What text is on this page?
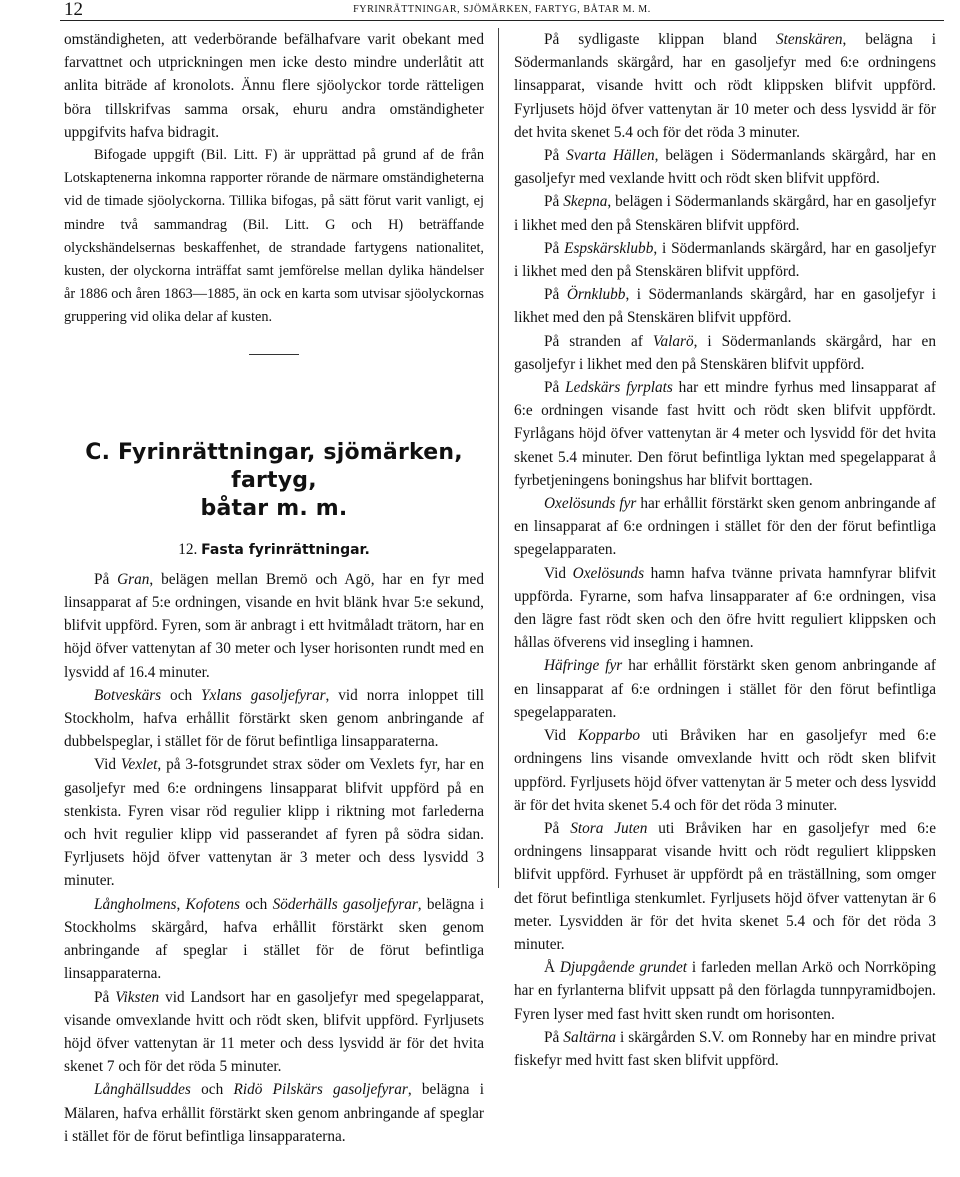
12	FYRINRÄTTNINGAR, SJÖMÄRKEN, FARTYG, BÅTAR M. M.

omständigheten, att vederbörande befälhafvare varit obekant med farvattnet och utprickningen men icke desto mindre underlåtit att anlita biträde af kronolots. Ännu flere sjöolyckor torde rätteligen böra tillskrifvas samma orsak, ehuru andra omständigheter uppgifvits hafva bidragit.

Bifogade uppgift (Bil. Litt. F) är upprättad på grund af de från Lotskaptenerna inkomna rapporter rörande de närmare omständigheterna vid de timade sjöolyckorna. Tillika bifogas, på sätt förut varit vanligt, ej mindre två sammandrag (Bil. Litt. G och H) beträffande olyckshändelsernas beskaffenhet, de strandade fartygens nationalitet, kusten, der olyckorna inträffat samt jemförelse mellan dylika händelser år 1886 och åren 1863—1885, än ock en karta som utvisar sjöolyckornas gruppering vid olika delar af kusten.

C. Fyrinrättningar, sjömärken, fartyg,
båtar m. m.
12. Fasta fyrinrättningar.

På Gran, belägen mellan Bremö och Agö, har en fyr med linsapparat af 5:e ordningen, visande en hvit blänk hvar 5:e sekund, blifvit uppförd. Fyren, som är anbragt i ett hvitmåladt trätorn, har en höjd öfver vattenytan af 30 meter och lyser horisonten rundt med en lysvidd af 16.4 minuter.

Botveskärs och Yxlans gasoljefyrar, vid norra inloppet till Stockholm, hafva erhållit förstärkt sken genom anbringande af dubbelspeglar, i stället för de förut befintliga linsapparaterna.

Vid Vexlet, på 3-fotsgrundet strax söder om Vexlets fyr, har en gasoljefyr med 6:e ordningens linsapparat blifvit uppförd på en stenkista. Fyren visar röd regulier klipp i riktning mot farlederna och hvit regulier klipp vid passerandet af fyren på södra sidan. Fyrljusets höjd öfver vattenytan är 3 meter och dess lysvidd 3 minuter.

Långholmens, Kofotens och Söderhälls gasoljefyrar, belägna i Stockholms skärgård, hafva erhållit förstärkt sken genom anbringande af speglar i stället för de förut befintliga linsapparaterna.

På Viksten vid Landsort har en gasoljefyr med spegelapparat, visande omvexlande hvitt och rödt sken, blifvit uppförd. Fyrljusets höjd öfver vattenytan är 11 meter och dess lysvidd är för det hvita skenet 7 och för det röda 5 minuter.

Långhällsuddes och Ridö Pilskärs gasoljefyrar, belägna i Mälaren, hafva erhållit förstärkt sken genom anbringande af speglar i stället för de förut befintliga linsapparaterna.

På sydligaste klippan bland Stenskären, belägna i Södermanlands skärgård, har en gasoljefyr med 6:e ordningens linsapparat, visande hvitt och rödt klippsken blifvit uppförd. Fyrljusets höjd öfver vattenytan är 10 meter och dess lysvidd är för det hvita skenet 5.4 och för det röda 3 minuter.

På Svarta Hällen, belägen i Södermanlands skärgård, har en gasoljefyr med vexlande hvitt och rödt sken blifvit uppförd.

På Skepna, belägen i Södermanlands skärgård, har en gasoljefyr i likhet med den på Stenskären blifvit uppförd.

På Espskärsklubb, i Södermanlands skärgård, har en gasoljefyr i likhet med den på Stenskären blifvit uppförd.

På Örnklubb, i Södermanlands skärgård, har en gasoljefyr i likhet med den på Stenskären blifvit uppförd.

På stranden af Valarö, i Södermanlands skärgård, har en gasoljefyr i likhet med den på Stenskären blifvit uppförd.

På Ledskärs fyrplats har ett mindre fyrhus med linsapparat af 6:e ordningen visande fast hvitt och rödt sken blifvit uppfördt. Fyrlågans höjd öfver vattenytan är 4 meter och lysvidd för det hvita skenet 5.4 minuter. Den förut befintliga lyktan med spegelapparat å fyrbetjeningens boningshus har blifvit borttagen.

Oxelösunds fyr har erhållit förstärkt sken genom anbringande af en linsapparat af 6:e ordningen i stället för den der förut befintliga spegelapparaten.

Vid Oxelösunds hamn hafva tvänne privata hamnfyrar blifvit uppförda. Fyrarne, som hafva linsapparater af 6:e ordningen, visa den lägre fast rödt sken och den öfre hvitt reguliert klippsken och hållas öfverens vid insegling i hamnen.

Häfringe fyr har erhållit förstärkt sken genom anbringande af en linsapparat af 6:e ordningen i stället för den förut befintliga spegelapparaten.

Vid Kopparbo uti Bråviken har en gasoljefyr med 6:e ordningens lins visande omvexlande hvitt och rödt sken blifvit uppförd. Fyrljusets höjd öfver vattenytan är 5 meter och dess lysvidd är för det hvita skenet 5.4 och för det röda 3 minuter.

På Stora Juten uti Bråviken har en gasoljefyr med 6:e ordningens linsapparat visande hvitt och rödt reguliert klippsken blifvit uppförd. Fyrhuset är uppfördt på en träställning, som omger det förut befintliga stenkumlet. Fyrljusets höjd öfver vattenytan är 6 meter. Lysvidden är för det hvita skenet 5.4 och för det röda 3 minuter.

Å Djupgående grundet i farleden mellan Arkö och Norrköping har en fyrlanterna blifvit uppsatt på den förlagda tunnpyramidbojen. Fyren lyser med fast hvitt sken rundt om horisonten.

På Saltärna i skärgården S.V. om Ronneby har en mindre privat fiskefyr med hvitt fast sken blifvit uppförd.
